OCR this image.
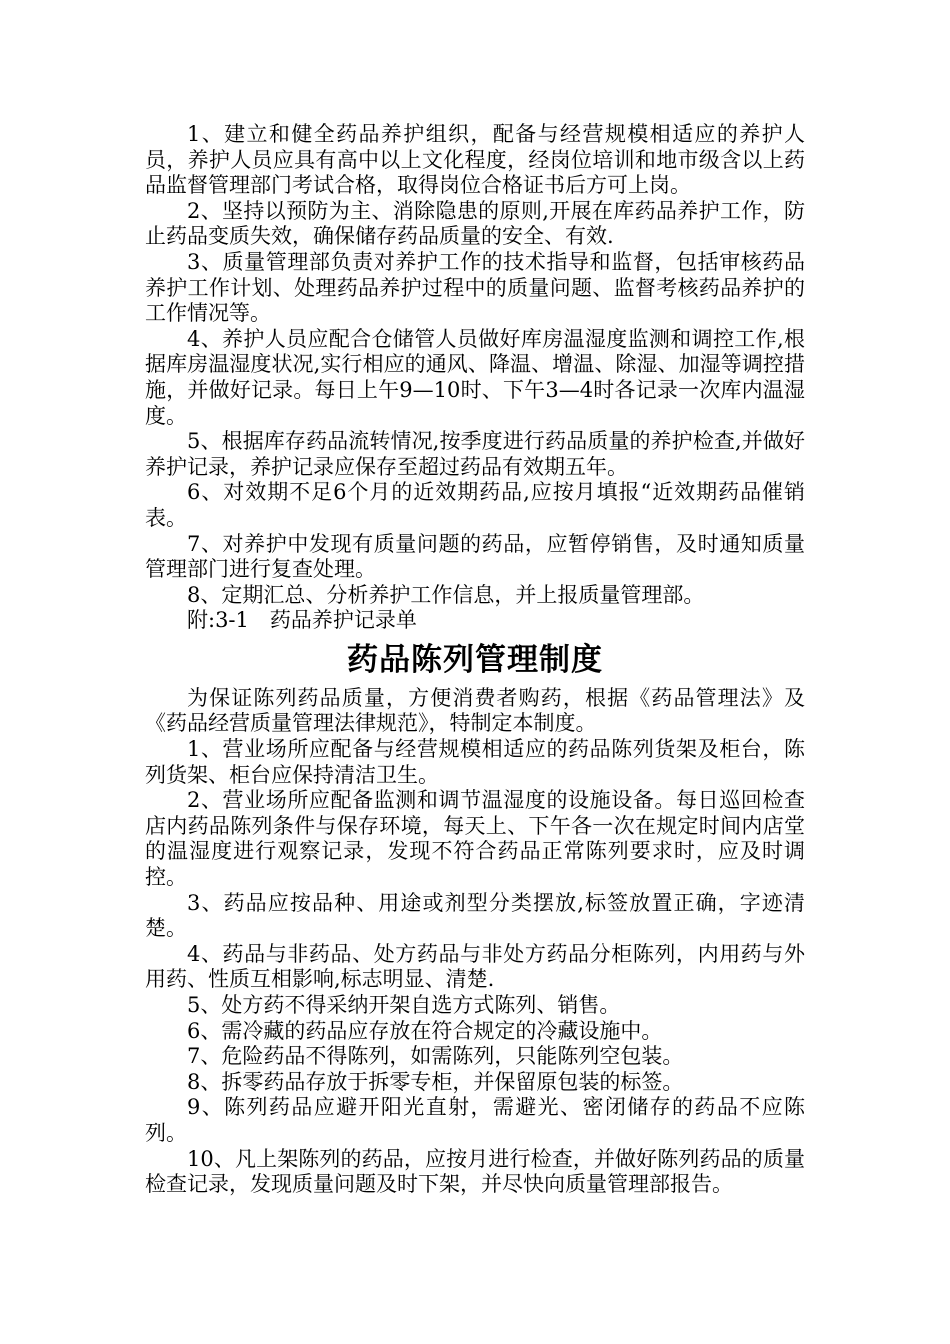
1、建立和健全药品养护组织，配备与经营规模相适应的养护人员，养护人员应具有高中以上文化程度，经岗位培训和地市级含以上药品监督管理部门考试合格，取得岗位合格证书后方可上岗。

2、坚持以预防为主、消除隐患的原则,开展在库药品养护工作，防止药品变质失效，确保储存药品质量的安全、有效.

3、质量管理部负责对养护工作的技术指导和监督，包括审核药品养护工作计划、处理药品养护过程中的质量问题、监督考核药品养护的工作情况等。

4、养护人员应配合仓储管人员做好库房温湿度监测和调控工作,根据库房温湿度状况,实行相应的通风、降温、增温、除湿、加湿等调控措施，并做好记录。每日上午9—10时、下午3—4时各记录一次库内温湿度。

5、根据库存药品流转情况,按季度进行药品质量的养护检查,并做好养护记录，养护记录应保存至超过药品有效期五年。

6、对效期不足6个月的近效期药品,应按月填报“近效期药品催销表。

7、对养护中发现有质量问题的药品，应暂停销售，及时通知质量管理部门进行复查处理。

8、定期汇总、分析养护工作信息，并上报质量管理部。

附:3-1　药品养护记录单

药品陈列管理制度

为保证陈列药品质量，方便消费者购药，根据《药品管理法》及《药品经营质量管理法律规范》，特制定本制度。

1、营业场所应配备与经营规模相适应的药品陈列货架及柜台，陈列货架、柜台应保持清洁卫生。

2、营业场所应配备监测和调节温湿度的设施设备。每日巡回检查店内药品陈列条件与保存环境，每天上、下午各一次在规定时间内店堂的温湿度进行观察记录，发现不符合药品正常陈列要求时，应及时调控。

3、药品应按品种、用途或剂型分类摆放,标签放置正确，字迹清楚。

4、药品与非药品、处方药品与非处方药品分柜陈列，内用药与外用药、性质互相影响,标志明显、清楚.

5、处方药不得采纳开架自选方式陈列、销售。

6、需冷藏的药品应存放在符合规定的冷藏设施中。

7、危险药品不得陈列，如需陈列，只能陈列空包装。

8、拆零药品存放于拆零专柜，并保留原包装的标签。

9、陈列药品应避开阳光直射，需避光、密闭储存的药品不应陈列。

10、凡上架陈列的药品，应按月进行检查，并做好陈列药品的质量检查记录，发现质量问题及时下架，并尽快向质量管理部报告。
